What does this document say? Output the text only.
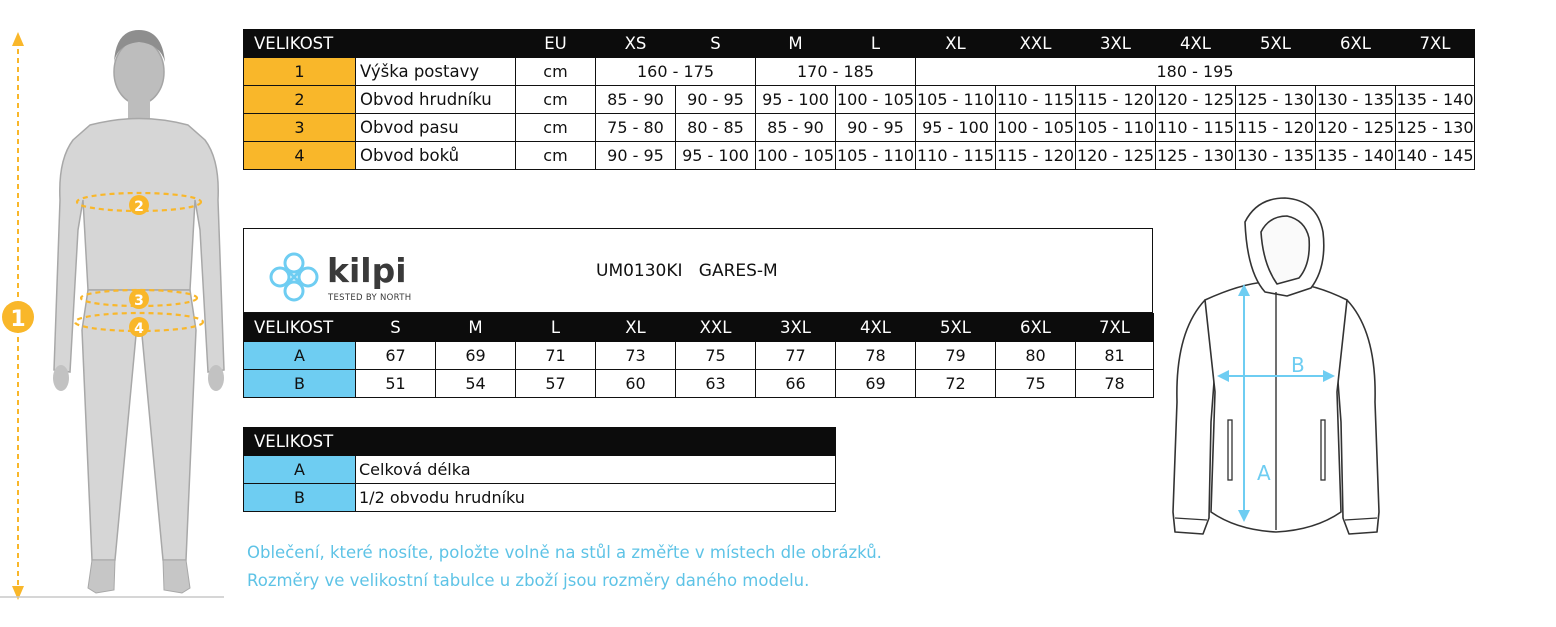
1
2
3
4
VELIKOST		EU	XS	S	M	L	XL	XXL	3XL	4XL	5XL	6XL	7XL
1	Výška postavy	cm	160 - 175		170 - 185		180 - 195						
2	Obvod hrudníku	cm	85 - 90	90 - 95	95 - 100	100 - 105	105 - 110	110 - 115	115 - 120	120 - 125	125 - 130	130 - 135	135 - 140
3	Obvod pasu	cm	75 - 80	80 - 85	85 - 90	90 - 95	95 - 100	100 - 105	105 - 110	110 - 115	115 - 120	120 - 125	125 - 130
4	Obvod boků	cm	90 - 95	95 - 100	100 - 105	105 - 110	110 - 115	115 - 120	120 - 125	125 - 130	130 - 135	135 - 140	140 - 145
kilpi
TESTED BY NORTH
UM0130KI GARES-M
VELIKOST	S	M	L	XL	XXL	3XL	4XL	5XL	6XL	7XL
A	67	69	71	73	75	77	78	79	80	81
B	51	54	57	60	63	66	69	72	75	78
VELIKOST	
A	Celková délka
B	1/2 obvodu hrudníku
Oblečení, které nosíte, položte volně na stůl a změřte v místech dle obrázků.
Rozměry ve velikostní tabulce u zboží jsou rozměry daného modelu.
A
B
